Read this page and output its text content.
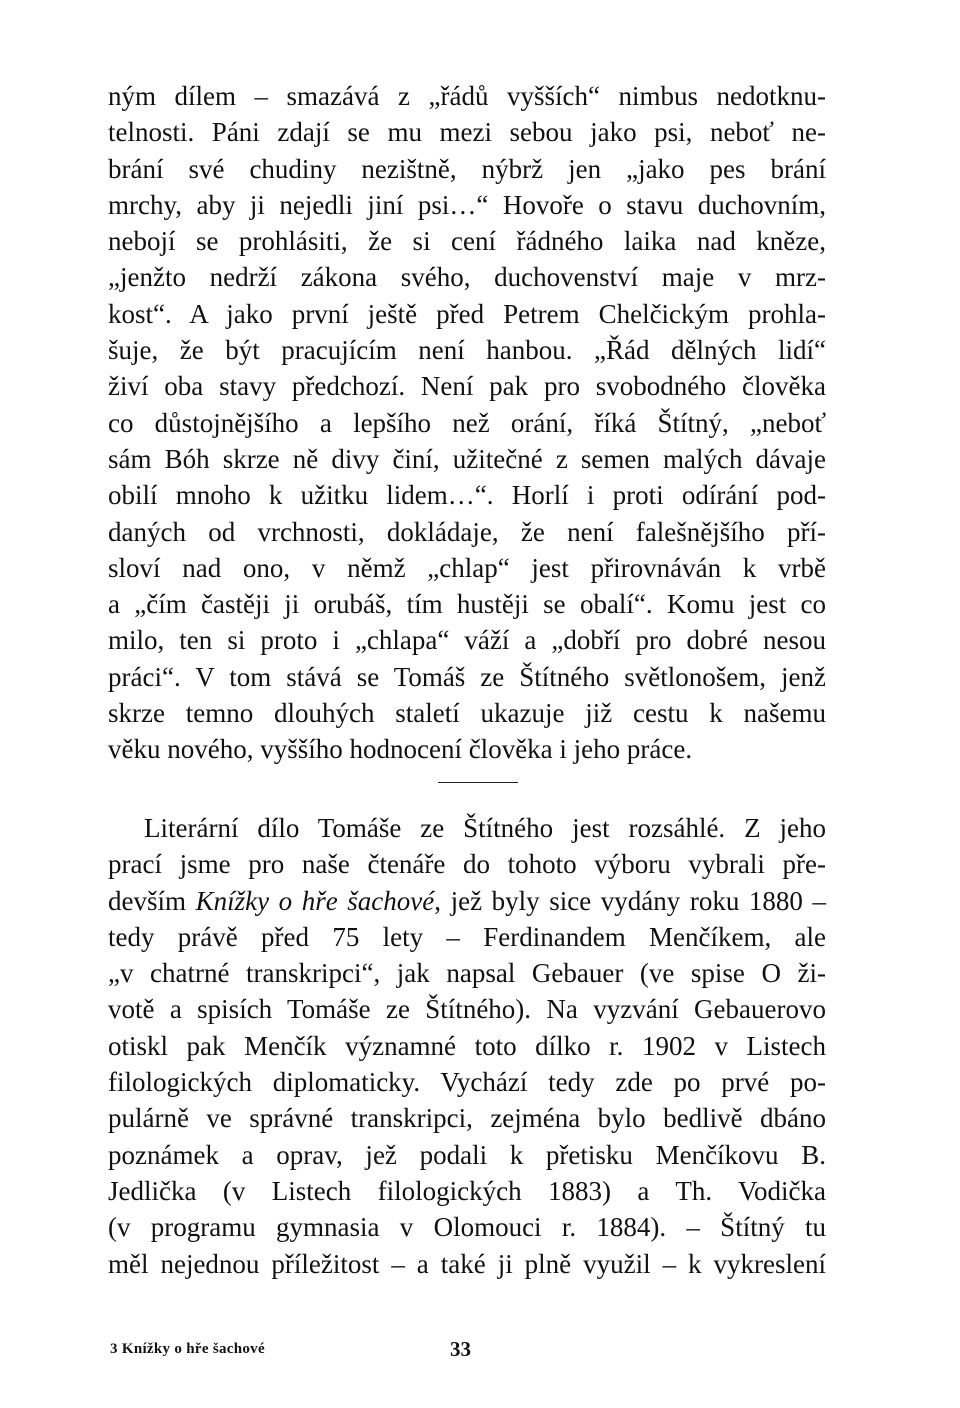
ným dílem – smazává z „řádů vyšších“ nimbus nedotknu-
telnosti. Páni zdají se mu mezi sebou jako psi, neboť ne-
brání své chudiny nezištně, nýbrž jen „jako pes brání
mrchy, aby ji nejedli jiní psi…“ Hovoře o stavu duchovním,
nebojí se prohlásiti, že si cení řádného laika nad kněze,
„jenžto nedrží zákona svého, duchovenství maje v mrz-
kost“. A jako první ještě před Petrem Chelčickým prohla-
šuje, že být pracujícím není hanbou. „Řád dělných lidí“
živí oba stavy předchozí. Není pak pro svobodného člověka
co důstojnějšího a lepšího než orání, říká Štítný, „neboť
sám Bóh skrze ně divy činí, užitečné z semen malých dávaje
obilí mnoho k užitku lidem…“. Horlí i proti odírání pod-
daných od vrchnosti, dokládaje, že není falešnějšího pří-
sloví nad ono, v němž „chlap“ jest přirovnáván k vrbě
a „čím častěji ji orubáš, tím hustěji se obalí“. Komu jest co
milo, ten si proto i „chlapa“ váží a „dobří pro dobré nesou
práci“. V tom stává se Tomáš ze Štítného světlonošem, jenž
skrze temno dlouhých staletí ukazuje již cestu k našemu
věku nového, vyššího hodnocení člověka i jeho práce.
Literární dílo Tomáše ze Štítného jest rozsáhlé. Z jeho
prací jsme pro naše čtenáře do tohoto výboru vybrali pře-
devším Knížky o hře šachové, jež byly sice vydány roku 1880 –
tedy právě před 75 lety – Ferdinandem Menčíkem, ale
„v chatrné transkripci“, jak napsal Gebauer (ve spise O ži-
votě a spisích Tomáše ze Štítného). Na vyzvání Gebauerovo
otiskl pak Menčík významné toto dílko r. 1902 v Listech
filologických diplomaticky. Vychází tedy zde po prvé po-
pulárně ve správné transkripci, zejména bylo bedlivě dbáno
poznámek a oprav, jež podali k přetisku Menčíkovu B.
Jedlička (v Listech filologických 1883) a Th. Vodička
(v programu gymnasia v Olomouci r. 1884). – Štítný tu
měl nejednou příležitost – a také ji plně využil – k vykreslení
3 Knížky o hře šachové	33
